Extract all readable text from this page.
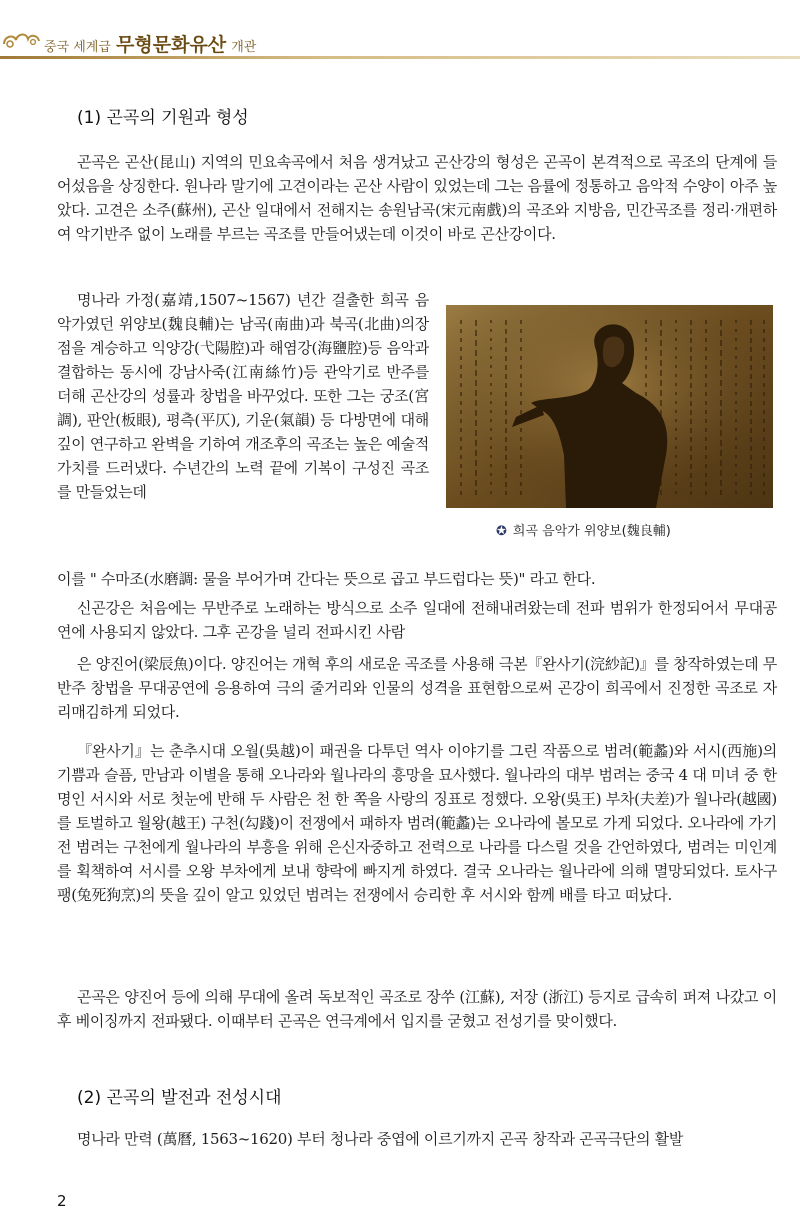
중국 세계급 무형문화유산 개관
(1) 곤곡의 기원과 형성

곤곡은 곤산(昆山) 지역의 민요속곡에서 처음 생겨났고 곤산강의 형성은 곤곡이 본격적으로 곡조의 단계에 들어섰음을 상징한다. 원나라 말기에 고견이라는 곤산 사람이 있었는데 그는 음률에 정통하고 음악적 수양이 아주 높았다. 고견은 소주(蘇州), 곤산 일대에서 전해지는 송원남곡(宋元南戲)의 곡조와 지방음, 민간곡조를 정리·개편하여 악기반주 없이 노래를 부르는 곡조를 만들어냈는데 이것이 바로 곤산강이다.

명나라 가정(嘉靖,1507~1567) 년간 걸출한 희곡 음악가였던 위양보(魏良輔)는 남곡(南曲)과 북곡(北曲)의장점을 계승하고 익양강(弋陽腔)과 해염강(海鹽腔)등 음악과 결합하는 동시에 강남사죽(江南絲竹)등 관악기로 반주를 더해 곤산강의 성률과 창법을 바꾸었다. 또한 그는 궁조(宮調), 판안(板眼), 평측(平仄), 기운(氣韻) 등 다방면에 대해 깊이 연구하고 완벽을 기하여 개조후의 곡조는 높은 예술적 가치를 드러냈다. 수년간의 노력 끝에 기복이 구성진 곡조를 만들었는데

✪ 희곡 음악가 위양보(魏良輔)

이를 " 수마조(水磨調: 물을 부어가며 간다는 뜻으로 곱고 부드럽다는 뜻)" 라고 한다.

신곤강은 처음에는 무반주로 노래하는 방식으로 소주 일대에 전해내려왔는데 전파 범위가 한정되어서 무대공연에 사용되지 않았다. 그후 곤강을 널리 전파시킨 사람

은 양진어(梁辰魚)이다. 양진어는 개혁 후의 새로운 곡조를 사용해 극본『완사기(浣紗記)』를 창작하였는데 무반주 창법을 무대공연에 응용하여 극의 줄거리와 인물의 성격을 표현함으로써 곤강이 희곡에서 진정한 곡조로 자리매김하게 되었다.

『완사기』는 춘추시대 오월(吳越)이 패권을 다투던 역사 이야기를 그린 작품으로 범려(範蠡)와 서시(西施)의 기쁨과 슬픔, 만남과 이별을 통해 오나라와 월나라의 흥망을 묘사했다. 월나라의 대부 범려는 중국 4 대 미녀 중 한 명인 서시와 서로 첫눈에 반해 두 사람은 천 한 쪽을 사랑의 징표로 정했다. 오왕(吳王) 부차(夫差)가 월나라(越國)를 토벌하고 월왕(越王) 구천(勾踐)이 전쟁에서 패하자 범려(範蠡)는 오나라에 볼모로 가게 되었다. 오나라에 가기 전 범려는 구천에게 월나라의 부흥을 위해 은신자중하고 전력으로 나라를 다스릴 것을 간언하였다, 범려는 미인계를 획책하여 서시를 오왕 부차에게 보내 향락에 빠지게 하였다. 결국 오나라는 월나라에 의해 멸망되었다. 토사구팽(兔死狗烹)의 뜻을 깊이 알고 있었던 범려는 전쟁에서 승리한 후 서시와 함께 배를 타고 떠났다.

곤곡은 양진어 등에 의해 무대에 올려 독보적인 곡조로 장쑤 (江蘇), 저장 (浙江) 등지로 급속히 퍼져 나갔고 이후 베이징까지 전파됐다. 이때부터 곤곡은 연극계에서 입지를 굳혔고 전성기를 맞이했다.

(2) 곤곡의 발전과 전성시대

명나라 만력 (萬曆, 1563~1620) 부터 청나라 중엽에 이르기까지 곤곡 창작과 곤곡극단의 활발

2
